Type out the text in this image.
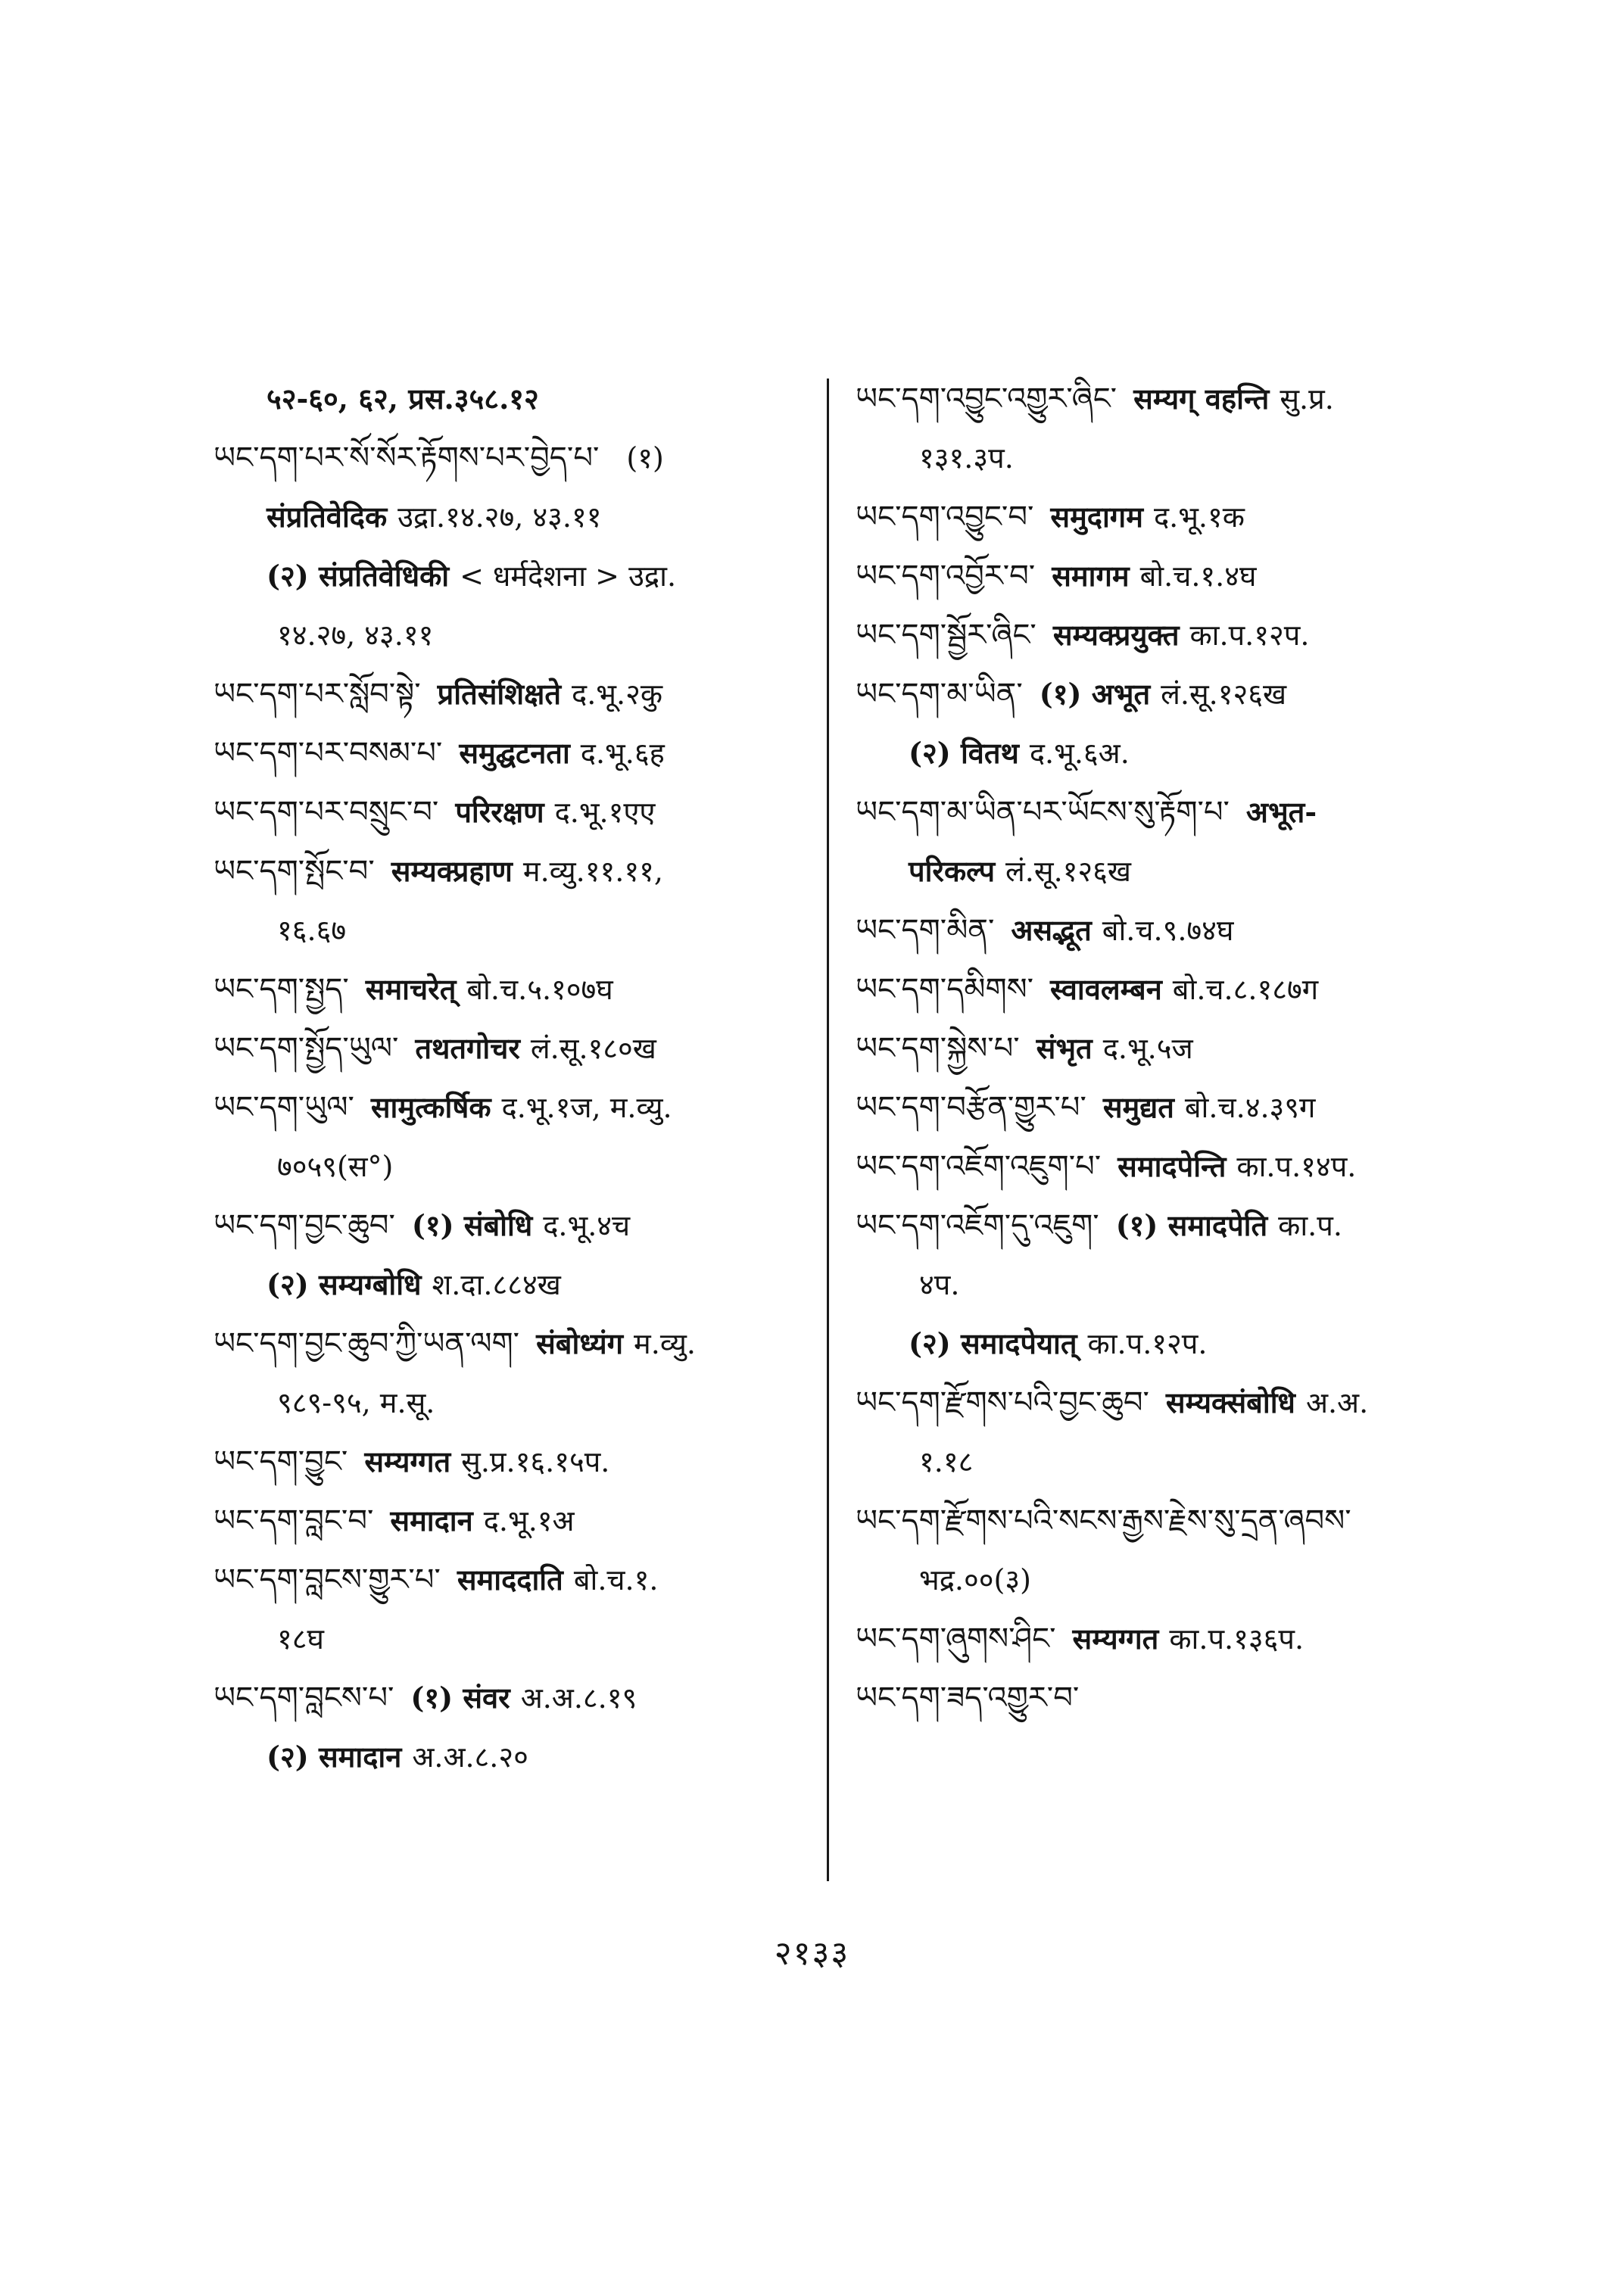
५२-६०, ६२, प्रस.३५८.१२
ཡང་དག་པར་སོ་སོར་རྟོགས་པར་བྱེད་པ་ (१)
संप्रतिवेदिक उद्रा.१४.२७, ४३.११
(२) संप्रतिवेधिकी < धर्मदेशना > उद्रा.
१४.२७, ४३.११
ཡང་དག་པར་སློབ་སྟེ་ प्रतिसंशिक्षते द.भू.२कु
ཡང་དག་པར་བསམ་པ་ समुद्घटनता द.भू.६ह
ཡང་དག་པར་བསྲུང་བ་ परिरक्षण द.भू.१एए
ཡང་དག་སྤོང་བ་ सम्यक्प्रहाण म.व्यु.११.११,
१६.६७
ཡང་དག་སྤྱད་ समाचरेत् बो.च.५.१०७घ
ཡང་དག་སྤྱོད་ཡུལ་ तथतगोचर लं.सू.१८०ख
ཡང་དག་ཡུལ་ सामुत्कर्षिक द.भू.१ज, म.व्यु.
७०५९(स°)
ཡང་དག་བྱང་ཆུབ་ (१) संबोधि द.भू.४च
(२) सम्यग्बोधि श.दा.८८४ख
ཡང་དག་བྱང་ཆུབ་ཀྱི་ཡན་ལག་ संबोध्यंग म.व्यु.
९८९-९५, म.सू.
ཡང་དག་བྱུང་ सम्यग्गत सु.प्र.१६.१५प.
ཡང་དག་བླང་བ་ समादान द.भू.१अ
ཡང་དག་བླངས་གྱུར་པ་ समाददाति बो.च.१.
१८घ
ཡང་དག་བླངས་པ་ (१) संवर अ.अ.८.१९
(२) समादान अ.अ.८.२०
ཡང་དག་འབྱུང་འགྱུར་ཞིང་ सम्यग् वहन्ति सु.प्र.
१३१.३प.
ཡང་དག་འབྱུང་བ་ समुदागम द.भू.१क
ཡང་དག་འབྱོར་བ་ समागम बो.च.१.४घ
ཡང་དག་སྦྱོར་ཞིང་ सम्यक्प्रयुक्त का.प.१२प.
ཡང་དག་མ་ཡིན་ (१) अभूत लं.सू.१२६ख
(२) वितथ द.भू.६अ.
ཡང་དག་མ་ཡིན་པར་ཡོངས་སུ་རྟོག་པ་ अभूत-
परिकल्प लं.सू.१२६ख
ཡང་དག་མིན་ असद्भूत बो.च.९.७४घ
ཡང་དག་དམིགས་ स्वावलम्बन बो.च.८.१८७ग
ཡང་དག་སྐྱེས་པ་ संभृत द.भू.५ज
ཡང་དག་བརྩོན་གྱུར་པ་ समुद्यत बो.च.४.३९ग
ཡང་དག་འཇོག་འཇུག་པ་ समादपेन्ति का.प.१४प.
ཡང་དག་འཇོག་དུ་འཇུག་ (१) समादपेति का.प.
४प.
(२) समादपेयात् का.प.१२प.
ཡང་དག་རྫོགས་པའི་བྱང་ཆུབ་ सम्यक्संबोधि अ.अ.
१.१८
ཡང་དག་རྫོགས་པའི་སངས་རྒྱས་རྗེས་སུ་དྲན་ཞབས་
भद्र.००(३)
ཡང་དག་ཞུགས་ཤིང་ सम्यग्गत का.प.१३६प.
ཡང་དག་ཟད་འགྱུར་བ་
२१३३
